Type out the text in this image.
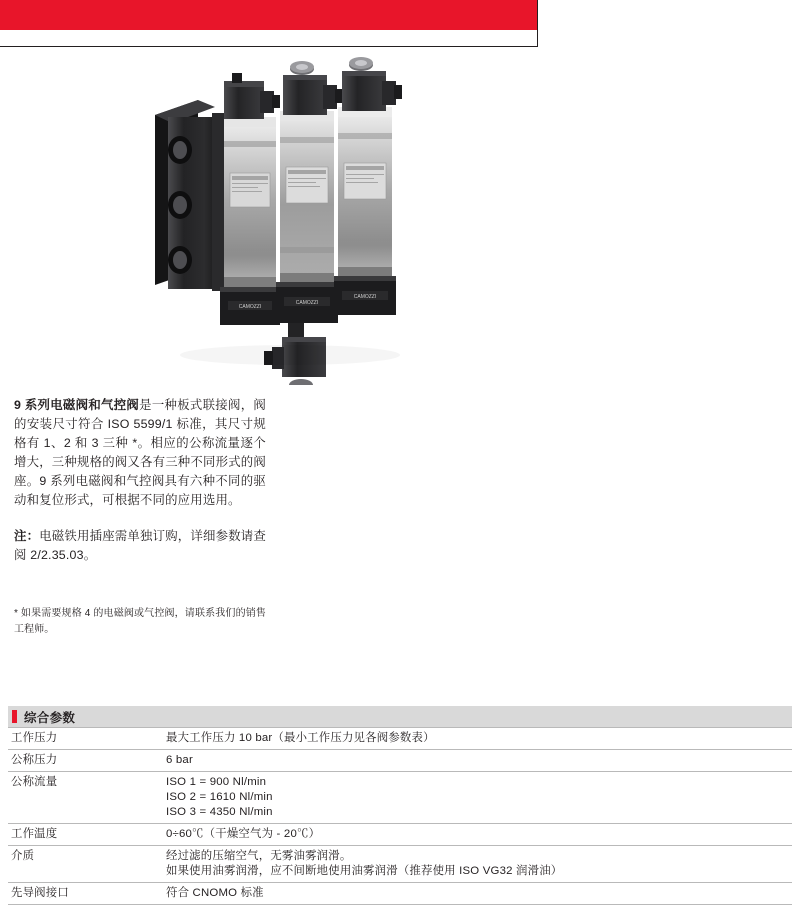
CAMOZZI
CAMOZZI
CAMOZZI
9 系列电磁阀和气控阀是一种板式联接阀，阀的安装尺寸符合 ISO 5599/1 标准，其尺寸规格有 1、2 和 3 三种 *。相应的公称流量逐个增大，三种规格的阀又各有三种不同形式的阀座。9 系列电磁阀和气控阀具有六种不同的驱动和复位形式，可根据不同的应用选用。
注：电磁铁用插座需单独订购，详细参数请查阅 2/2.35.03。
* 如果需要规格 4 的电磁阀或气控阀，请联系我们的销售工程师。
综合参数
工作压力	最大工作压力 10 bar（最小工作压力见各阀参数表）

公称压力	6 bar

公称流量	ISO 1 = 900 Nl/min
ISO 2 = 1610 Nl/min
ISO 3 = 4350 Nl/min

工作温度	0÷60℃（干燥空气为 - 20℃）

介质	经过滤的压缩空气，无雾油雾润滑。
如果使用油雾润滑，应不间断地使用油雾润滑（推荐使用 ISO VG32 润滑油）

先导阀接口	符合 CNOMO 标准
